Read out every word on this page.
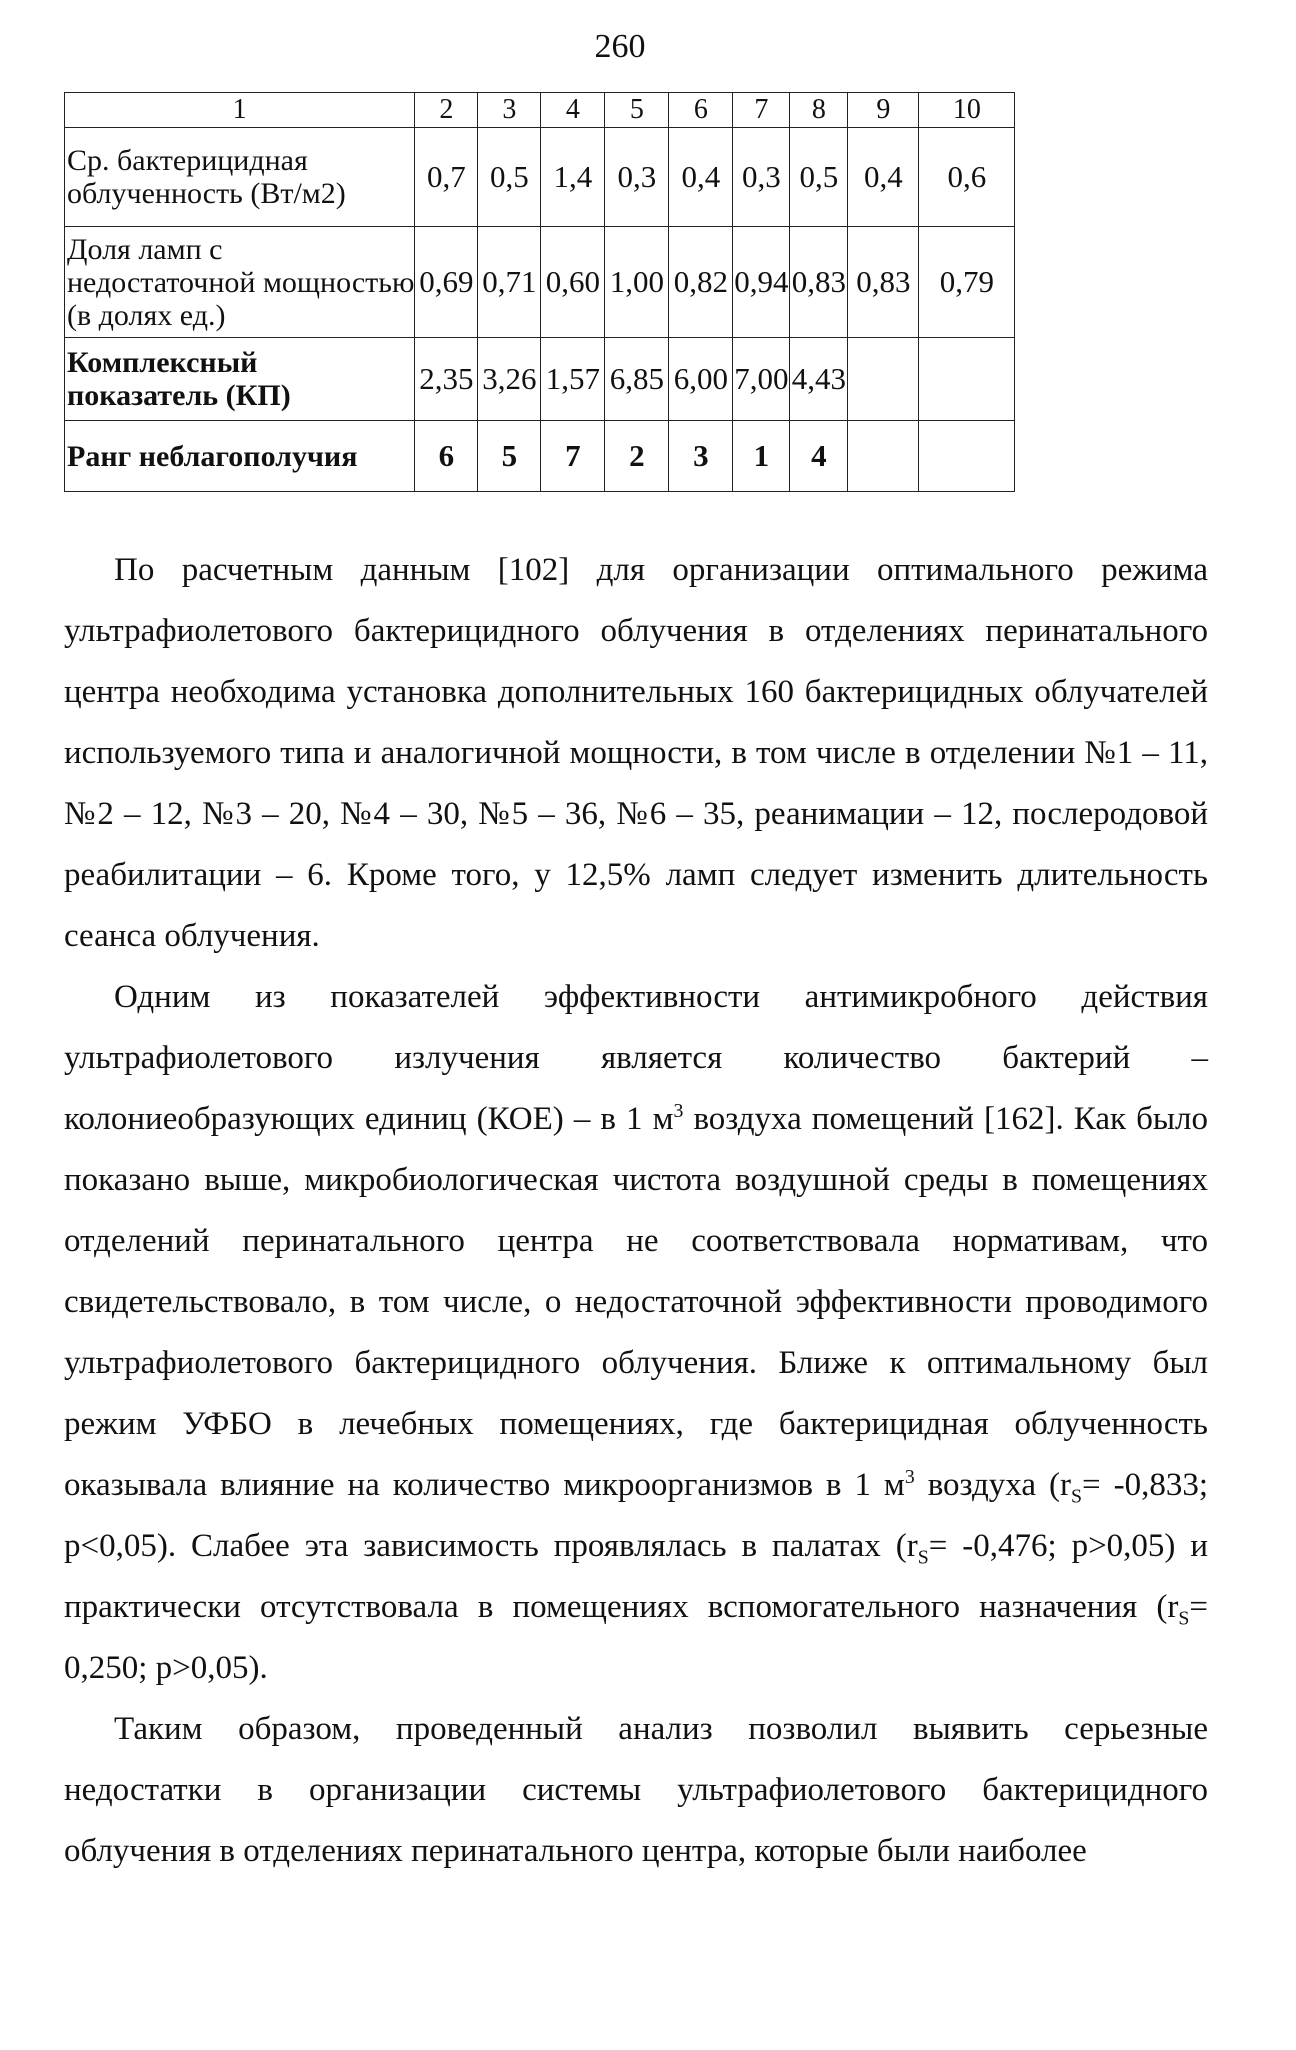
260
1	2	3	4	5	6	7	8	9	10

Ср. бактерицидная
облученность (Вт/м2)	0,7	0,5	1,4	0,3	0,4	0,3	0,5	0,4	0,6

Доля ламп с
недостаточной мощностью
(в долях ед.)	0,69	0,71	0,60	1,00	0,82	0,94	0,83	0,83	0,79

Комплексный
показатель (КП)	2,35	3,26	1,57	6,85	6,00	7,00	4,43		

Ранг неблагополучия	6	5	7	2	3	1	4		

По расчетным данным [102] для организации оптимального режима ультрафиолетового бактерицидного облучения в отделениях перинатального центра необходима установка дополнительных 160 бактерицидных облучателей используемого типа и аналогичной мощности, в том числе в отделении №1 – 11, №2 – 12, №3 – 20, №4 – 30, №5 – 36, №6 – 35, реанимации – 12, послеродовой реабилитации – 6. Кроме того, у 12,5% ламп следует изменить длительность сеанса облучения.

Одним из показателей эффективности антимикробного действия ультрафиолетового излучения является количество бактерий – колониеобразующих единиц (КОЕ) – в 1 $м^3$ воздуха помещений [162]. Как было показано выше, микробиологическая чистота воздушной среды в помещениях отделений перинатального центра не соответствовала нормативам, что свидетельствовало, в том числе, о недостаточной эффективности проводимого ультрафиолетового бактерицидного облучения. Ближе к оптимальному был режим УФБО в лечебных помещениях, где бактерицидная облученность оказывала влияние на количество микроорганизмов в 1 $м^3$ воздуха ($r_S= -0,833$; p<0,05). Слабее эта зависимость проявлялась в палатах ($r_S= -0,476$; p>0,05) и практически отсутствовала в помещениях вспомогательного назначения ($r_S= 0,250$; p>0,05).

Таким образом, проведенный анализ позволил выявить серьезные недостатки в организации системы ультрафиолетового бактерицидного облучения в отделениях перинатального центра, которые были наиболее
